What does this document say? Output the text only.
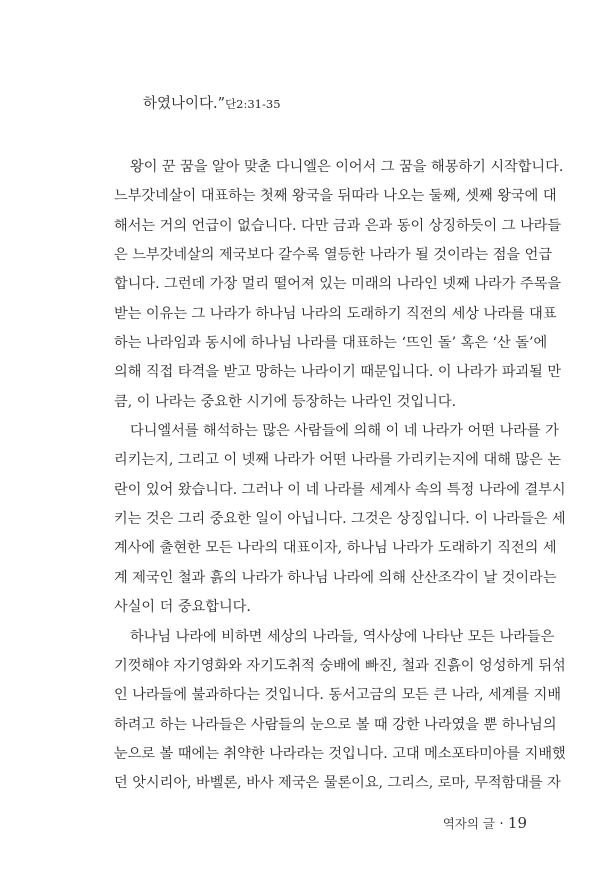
하였나이다.”단2:31-35
왕이 꾼 꿈을 알아 맞춘 다니엘은 이어서 그 꿈을 해몽하기 시작합니다.
느부갓네살이 대표하는 첫째 왕국을 뒤따라 나오는 둘째, 셋째 왕국에 대
해서는 거의 언급이 없습니다. 다만 금과 은과 동이 상징하듯이 그 나라들
은 느부갓네살의 제국보다 갈수록 열등한 나라가 될 것이라는 점을 언급
합니다. 그런데 가장 멀리 떨어져 있는 미래의 나라인 넷째 나라가 주목을
받는 이유는 그 나라가 하나님 나라의 도래하기 직전의 세상 나라를 대표
하는 나라임과 동시에 하나님 나라를 대표하는 ‘뜨인 돌’ 혹은 ‘산 돌’에
의해 직접 타격을 받고 망하는 나라이기 때문입니다. 이 나라가 파괴될 만
큼, 이 나라는 중요한 시기에 등장하는 나라인 것입니다.
다니엘서를 해석하는 많은 사람들에 의해 이 네 나라가 어떤 나라를 가
리키는지, 그리고 이 넷째 나라가 어떤 나라를 가리키는지에 대해 많은 논
란이 있어 왔습니다. 그러나 이 네 나라를 세계사 속의 특정 나라에 결부시
키는 것은 그리 중요한 일이 아닙니다. 그것은 상징입니다. 이 나라들은 세
계사에 출현한 모든 나라의 대표이자, 하나님 나라가 도래하기 직전의 세
계 제국인 철과 흙의 나라가 하나님 나라에 의해 산산조각이 날 것이라는
사실이 더 중요합니다.
하나님 나라에 비하면 세상의 나라들, 역사상에 나타난 모든 나라들은
기껏해야 자기영화와 자기도취적 숭배에 빠진, 철과 진흙이 엉성하게 뒤섞
인 나라들에 불과하다는 것입니다. 동서고금의 모든 큰 나라, 세계를 지배
하려고 하는 나라들은 사람들의 눈으로 볼 때 강한 나라였을 뿐 하나님의
눈으로 볼 때에는 취약한 나라라는 것입니다. 고대 메소포타미아를 지배했
던 앗시리아, 바벨론, 바사 제국은 물론이요, 그리스, 로마, 무적함대를 자
역자의 글 · 19
